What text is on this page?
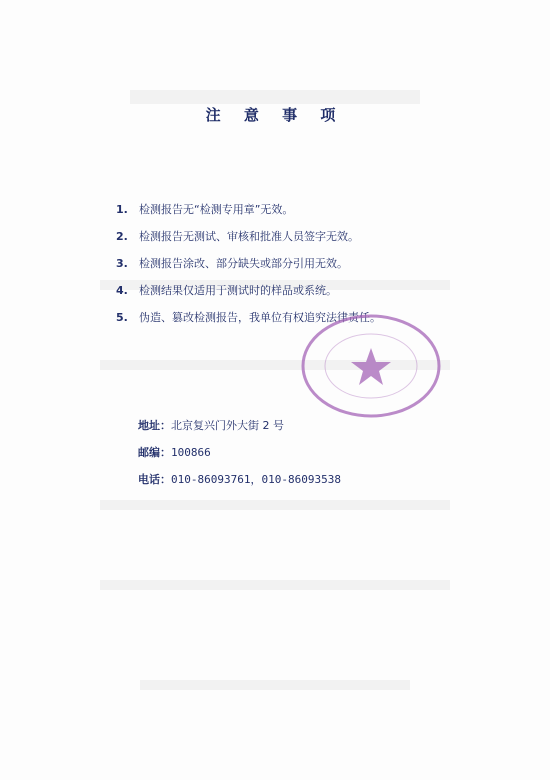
注 意 事 项
1. 检测报告无“检测专用章”无效。
2. 检测报告无测试、审核和批准人员签字无效。
3. 检测报告涂改、部分缺失或部分引用无效。
4. 检测结果仅适用于测试时的样品或系统。
5. 伪造、篡改检测报告，我单位有权追究法律责任。
地址：北京复兴门外大街 2 号
邮编：100866
电话：010-86093761，010-86093538
